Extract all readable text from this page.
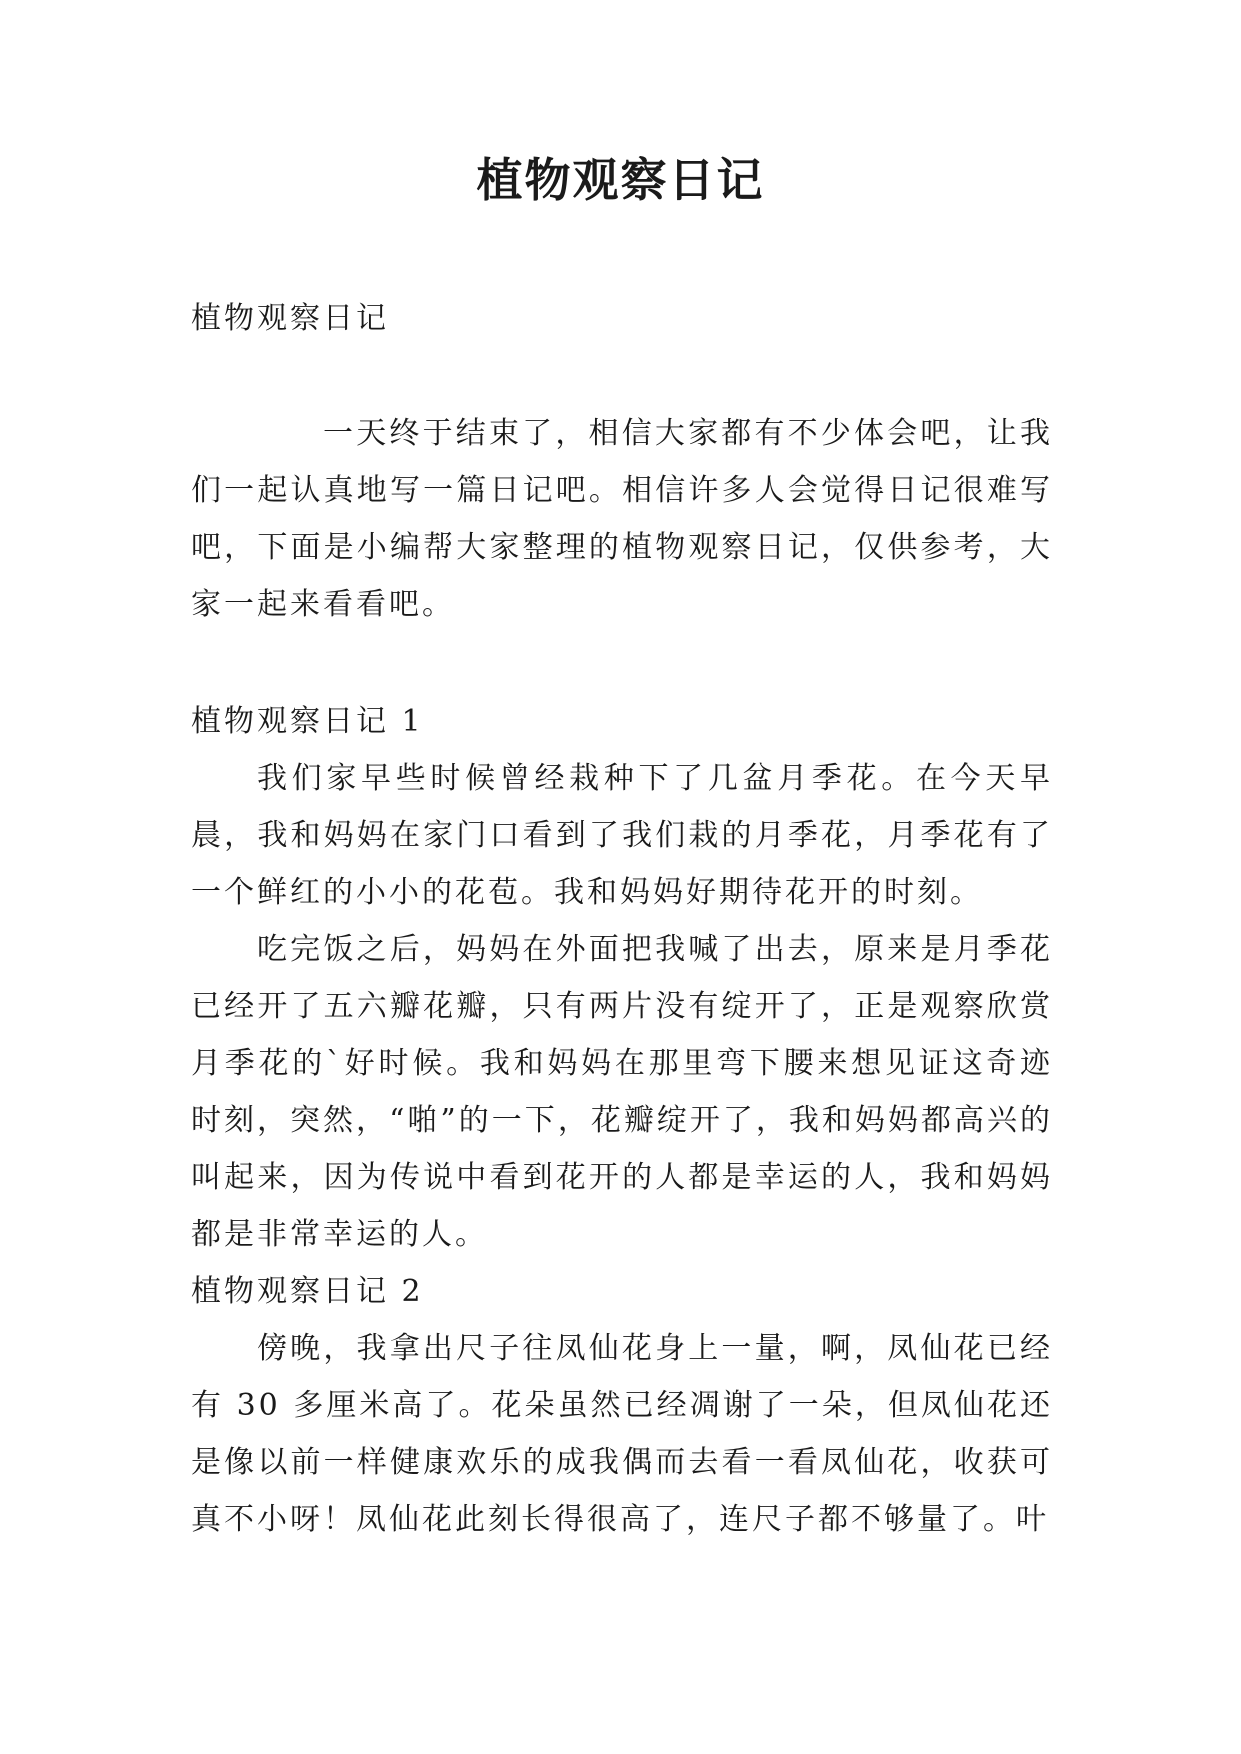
植物观察日记
植物观察日记
一天终于结束了，相信大家都有不少体会吧，让我们一起认真地写一篇日记吧。相信许多人会觉得日记很难写吧，下面是小编帮大家整理的植物观察日记，仅供参考，大家一起来看看吧。
植物观察日记 1

我们家早些时候曾经栽种下了几盆月季花。在今天早晨，我和妈妈在家门口看到了我们栽的月季花，月季花有了一个鲜红的小小的花苞。我和妈妈好期待花开的时刻。

吃完饭之后，妈妈在外面把我喊了出去，原来是月季花已经开了五六瓣花瓣，只有两片没有绽开了，正是观察欣赏月季花的`好时候。我和妈妈在那里弯下腰来想见证这奇迹时刻，突然，“啪”的一下，花瓣绽开了，我和妈妈都高兴的叫起来，因为传说中看到花开的人都是幸运的人，我和妈妈都是非常幸运的人。

植物观察日记 2

傍晚，我拿出尺子往凤仙花身上一量，啊，凤仙花已经有 30 多厘米高了。花朵虽然已经凋谢了一朵，但凤仙花还是像以前一样健康欢乐的成我偶而去看一看凤仙花，收获可真不小呀！凤仙花此刻长得很高了，连尺子都不够量了。叶
